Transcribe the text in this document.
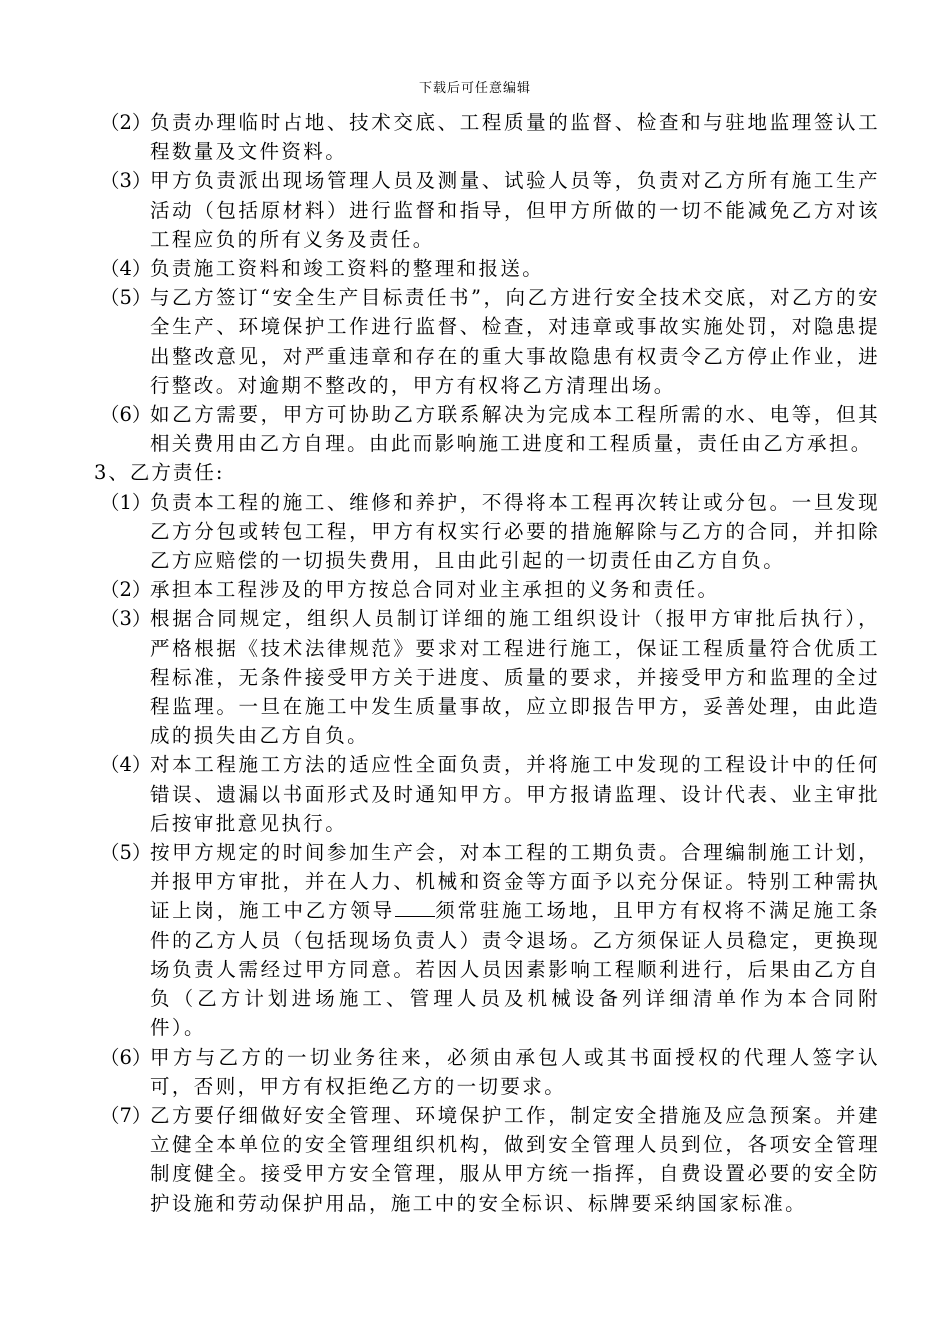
下载后可任意编辑
（2）
负责办理临时占地、技术交底、工程质量的监督、检查和与驻地监理签认工程数量及文件资料。
（3）
甲方负责派出现场管理人员及测量、试验人员等，负责对乙方所有施工生产活动（包括原材料）进行监督和指导，但甲方所做的一切不能减免乙方对该工程应负的所有义务及责任。
（4）
负责施工资料和竣工资料的整理和报送。
（5）
与乙方签订“安全生产目标责任书”，向乙方进行安全技术交底，对乙方的安全生产、环境保护工作进行监督、检查，对违章或事故实施处罚，对隐患提出整改意见，对严重违章和存在的重大事故隐患有权责令乙方停止作业，进行整改。对逾期不整改的，甲方有权将乙方清理出场。
（6）
如乙方需要，甲方可协助乙方联系解决为完成本工程所需的水、电等，但其相关费用由乙方自理。由此而影响施工进度和工程质量，责任由乙方承担。
3、乙方责任:
（1）
负责本工程的施工、维修和养护，不得将本工程再次转让或分包。一旦发现乙方分包或转包工程，甲方有权实行必要的措施解除与乙方的合同，并扣除乙方应赔偿的一切损失费用，且由此引起的一切责任由乙方自负。
（2）
承担本工程涉及的甲方按总合同对业主承担的义务和责任。
（3）
根据合同规定，组织人员制订详细的施工组织设计（报甲方审批后执行），严格根据《技术法律规范》要求对工程进行施工，保证工程质量符合优质工程标准，无条件接受甲方关于进度、质量的要求，并接受甲方和监理的全过程监理。一旦在施工中发生质量事故，应立即报告甲方，妥善处理，由此造成的损失由乙方自负。
（4）
对本工程施工方法的适应性全面负责，并将施工中发现的工程设计中的任何错误、遗漏以书面形式及时通知甲方。甲方报请监理、设计代表、业主审批后按审批意见执行。
（5）
按甲方规定的时间参加生产会，对本工程的工期负责。合理编制施工计划，并报甲方审批，并在人力、机械和资金等方面予以充分保证。特别工种需执证上岗，施工中乙方领导 须常驻施工场地，且甲方有权将不满足施工条件的乙方人员（包括现场负责人）责令退场。乙方须保证人员稳定，更换现场负责人需经过甲方同意。若因人员因素影响工程顺利进行，后果由乙方自负（乙方计划进场施工、管理人员及机械设备列详细清单作为本合同附件）。
（6）
甲方与乙方的一切业务往来，必须由承包人或其书面授权的代理人签字认可，否则，甲方有权拒绝乙方的一切要求。
（7）
乙方要仔细做好安全管理、环境保护工作，制定安全措施及应急预案。并建立健全本单位的安全管理组织机构，做到安全管理人员到位，各项安全管理制度健全。接受甲方安全管理，服从甲方统一指挥，自费设置必要的安全防护设施和劳动保护用品，施工中的安全标识、标牌要采纳国家标准。
